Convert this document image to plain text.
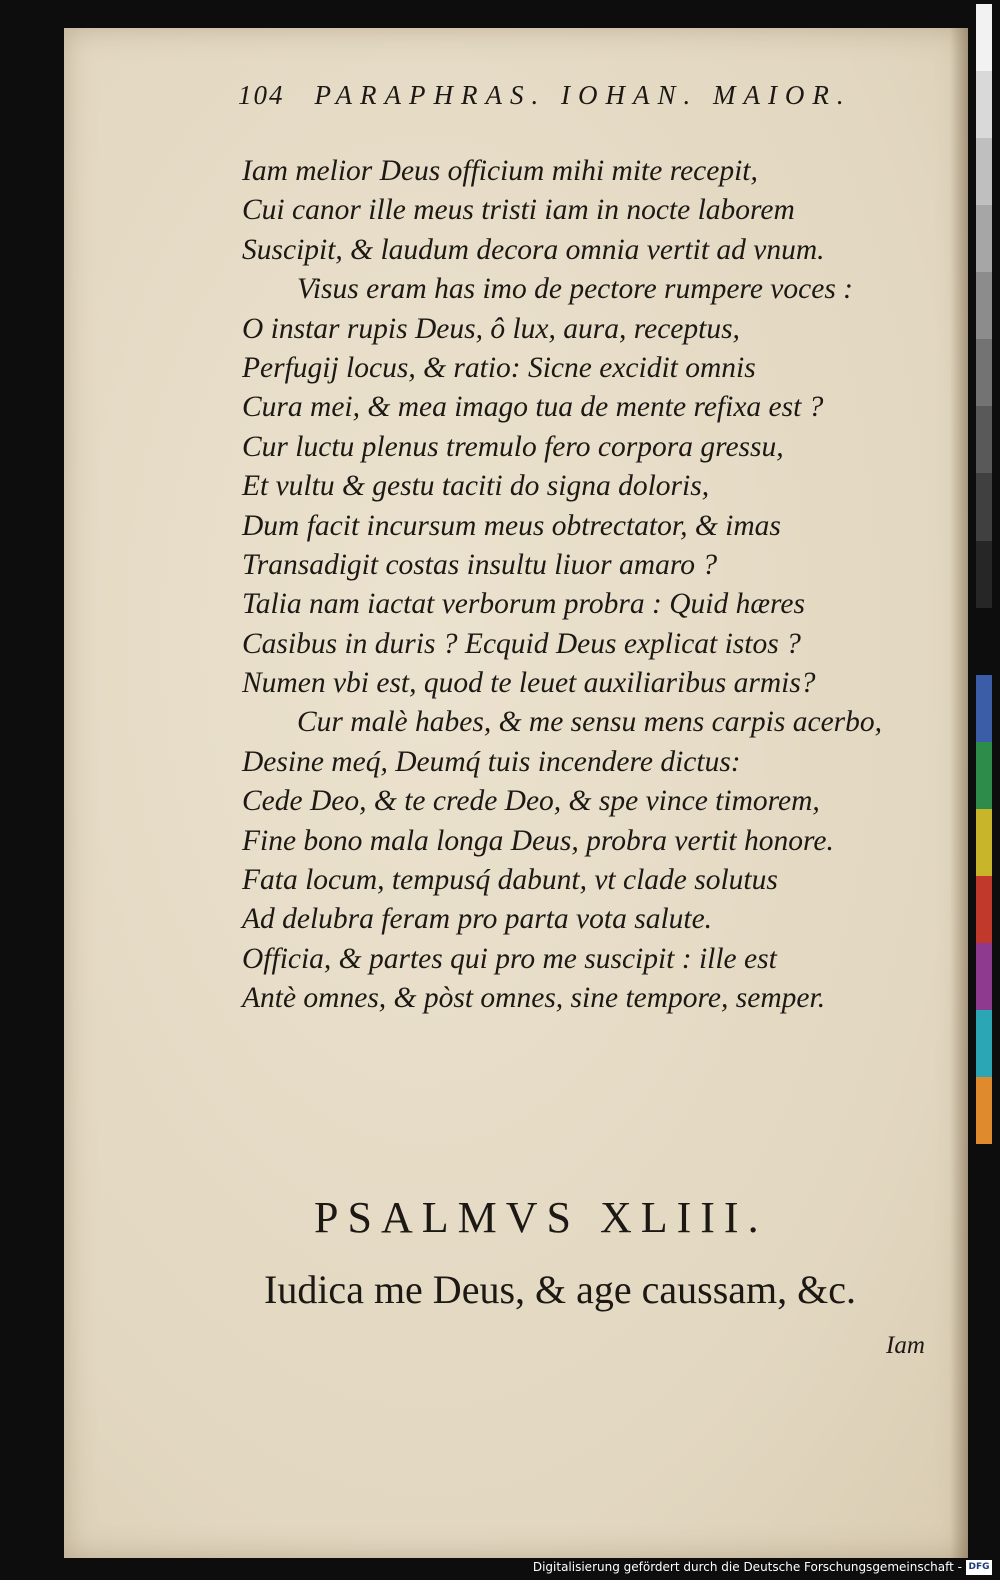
104 PARAPHRAS. IOHAN. MAIOR.
Iam melior Deus officium mihi mite recepit,
Cui canor ille meus tristi iam in nocte laborem
Suscipit, & laudum decora omnia vertit ad vnum.
Visus eram has imo de pectore rumpere voces :
O instar rupis Deus, ô lux, aura, receptus,
Perfugij locus, & ratio: Sicne excidit omnis
Cura mei, & mea imago tua de mente refixa est ?
Cur luctu plenus tremulo fero corpora gressu,
Et vultu & gestu taciti do signa doloris,
Dum facit incursum meus obtrectator, & imas
Transadigit costas insultu liuor amaro ?
Talia nam iactat verborum probra : Quid hæres
Casibus in duris ? Ecquid Deus explicat istos ?
Numen vbi est, quod te leuet auxiliaribus armis?
Cur malè habes, & me sensu mens carpis acerbo,
Desine meq́, Deumq́ tuis incendere dictus:
Cede Deo, & te crede Deo, & spe vince timorem,
Fine bono mala longa Deus, probra vertit honore.
Fata locum, tempusq́ dabunt, vt clade solutus
Ad delubra feram pro parta vota salute.
Officia, & partes qui pro me suscipit : ille est
Antè omnes, & pòst omnes, sine tempore, semper.
PSALMVS XLIII.
Iudica me Deus, & age caussam, &c.
Iam
Digitalisierung gefördert durch die Deutsche Forschungsgemeinschaft - DFG
